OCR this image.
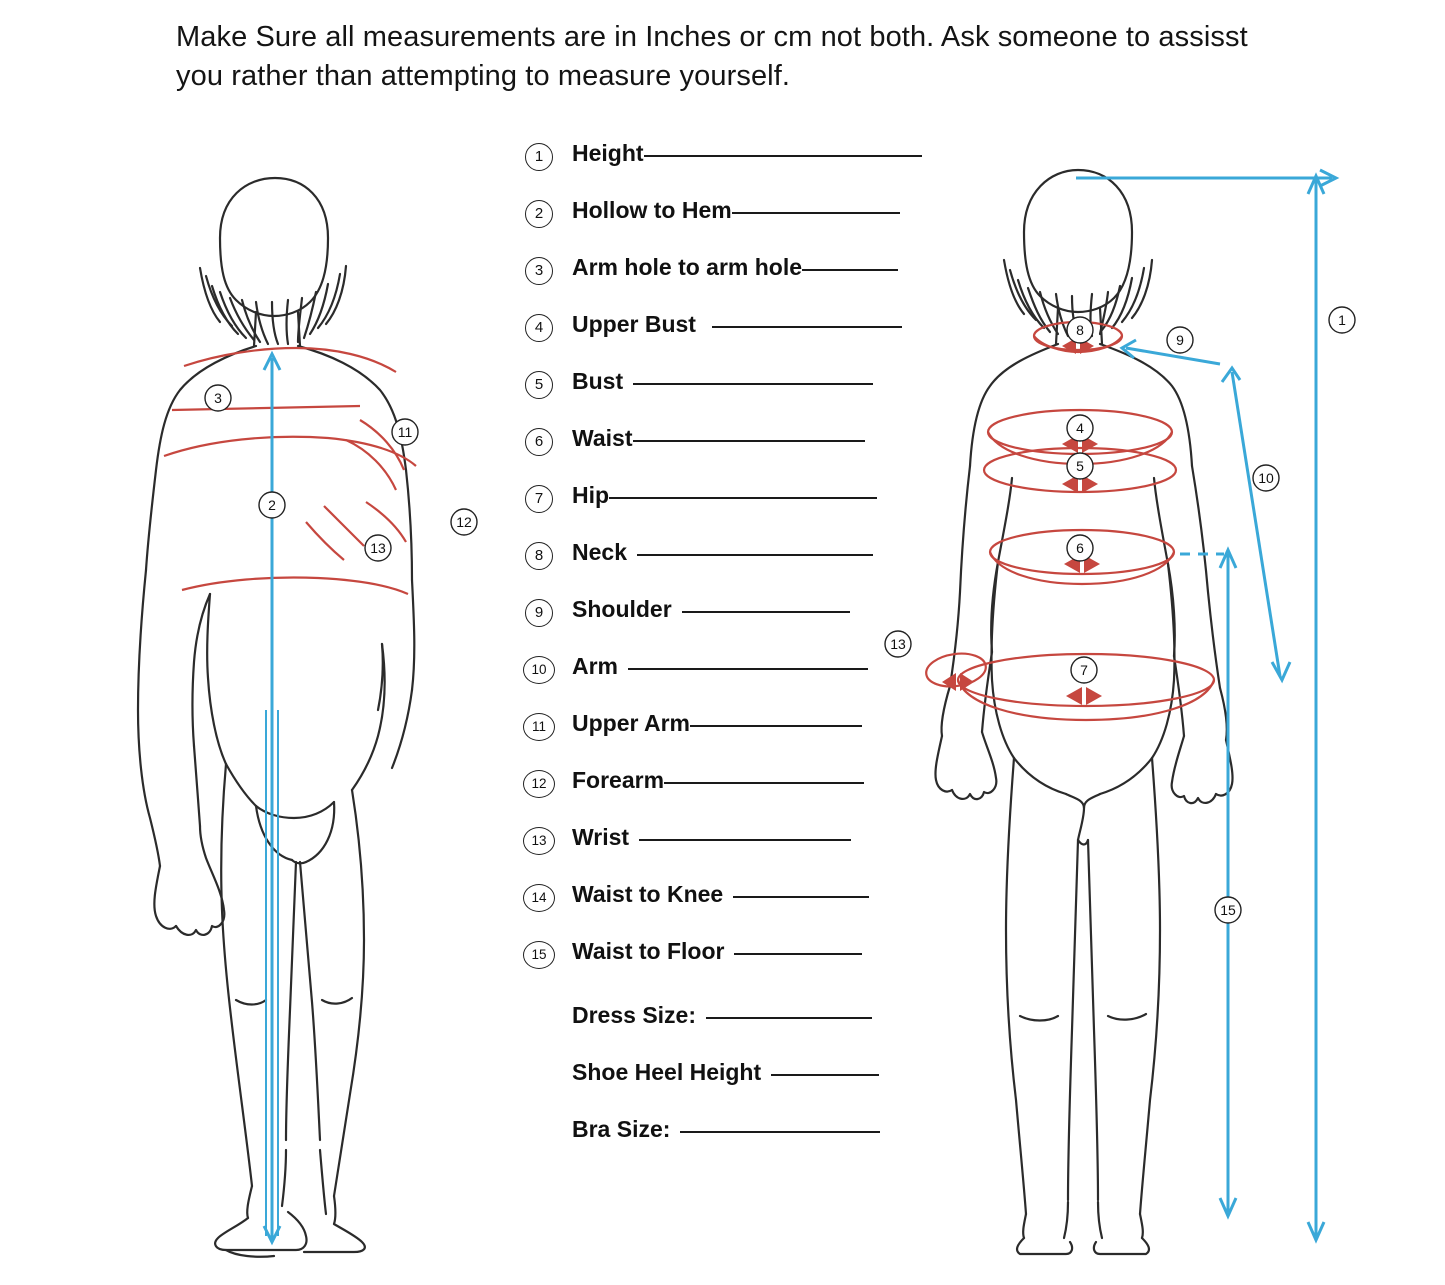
Make Sure all measurements are in Inches or cm not both. Ask someone to assisst you rather than attempting to measure yourself.
3
11
2
12
13
1	Height
2	Hollow to Hem
3	Arm hole to arm hole
4	Upper Bust
5	Bust
6	Waist
7	Hip
8	Neck
9	Shoulder
10	Arm
11	Upper Arm
12	Forearm
13	Wrist
14	Waist to Knee
15	Waist to Floor
Dress Size:
Shoe Heel Height
Bra Size:
1
8
9
4
5
10
6
13
7
15
